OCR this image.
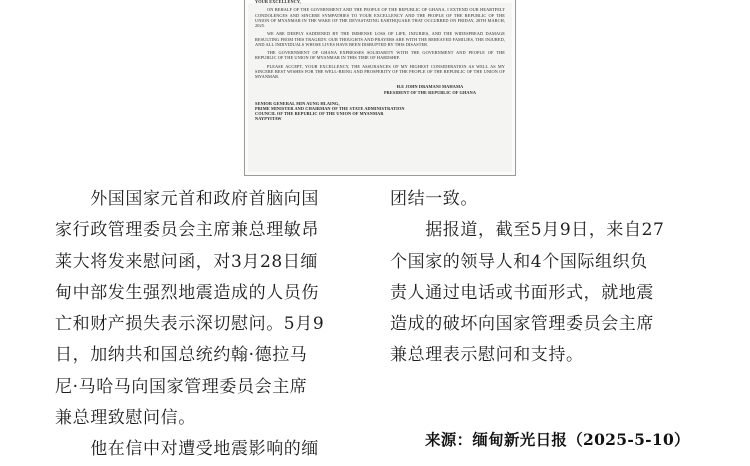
YOUR EXCELLENCY,

ON BEHALF OF THE GOVERNMENT AND THE PEOPLE OF THE REPUBLIC OF GHANA, I EXTEND OUR HEARTFELT CONDOLENCES AND SINCERE SYMPATHIES TO YOUR EXCELLENCY AND THE PEOPLE OF THE REPUBLIC OF THE UNION OF MYANMAR IN THE WAKE OF THE DEVASTATING EARTHQUAKE THAT OCCURRED ON FRIDAY, 28TH MARCH, 2025.

WE ARE DEEPLY SADDENED BY THE IMMENSE LOSS OF LIFE, INJURIES, AND THE WIDESPREAD DAMAGE RESULTING FROM THIS TRAGEDY. OUR THOUGHTS AND PRAYERS ARE WITH THE BEREAVED FAMILIES, THE INJURED, AND ALL INDIVIDUALS WHOSE LIVES HAVE BEEN DISRUPTED BY THIS DISASTER.

THE GOVERNMENT OF GHANA EXPRESSES SOLIDARITY WITH THE GOVERNMENT AND PEOPLE OF THE REPUBLIC OF THE UNION OF MYANMAR IN THIS TIME OF HARDSHIP.

PLEASE ACCEPT, YOUR EXCELLENCY, THE ASSURANCES OF MY HIGHEST CONSIDERATION AS WELL AS MY SINCERE BEST WISHES FOR THE WELL-BEING AND PROSPERITY OF THE PEOPLE OF THE REPUBLIC OF THE UNION OF MYANMAR.

H.E JOHN DRAMANI MAHAMA
PRESIDENT OF THE REPUBLIC OF GHANA

SENIOR GENERAL MIN AUNG HLAING,
PRIME MINISTER AND CHAIRMAN OF THE STATE ADMINISTRATION
COUNCIL OF THE REPUBLIC OF THE UNION OF MYANMAR
NAYPYITAW

　　外国国家元首和政府首脑向国
家行政管理委员会主席兼总理敏昂
莱大将发来慰问函，对3月28日缅
甸中部发生强烈地震造成的人员伤
亡和财产损失表示深切慰问。5月9
日，加纳共和国总统约翰·德拉马
尼·马哈马向国家管理委员会主席
兼总理致慰问信。
　　他在信中对遭受地震影响的缅
团结一致。
　　据报道，截至5月9日，来自27
个国家的领导人和4个国际组织负
责人通过电话或书面形式，就地震
造成的破坏向国家管理委员会主席
兼总理表示慰问和支持。
来源：缅甸新光日报（2025-5-10）
